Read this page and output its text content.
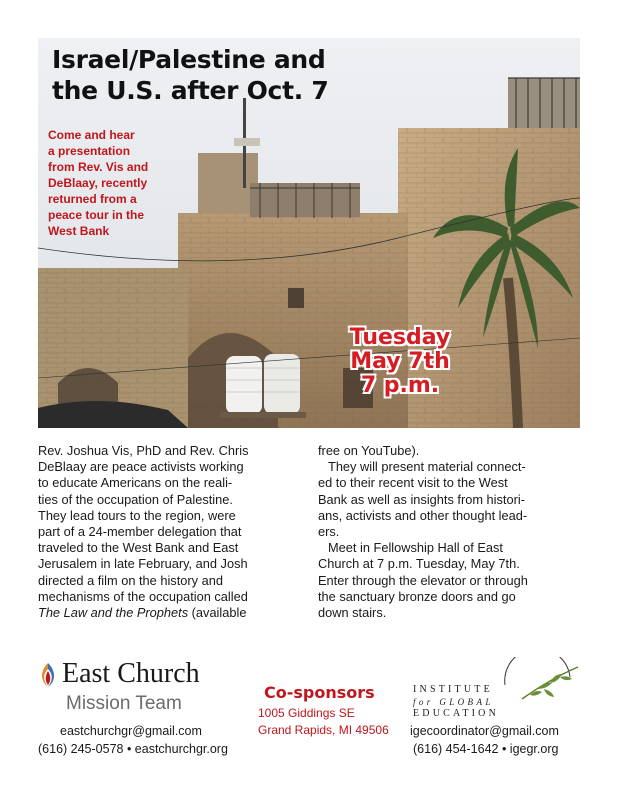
Israel/Palestine and
the U.S. after Oct. 7
Come and hear
a presentation
from Rev. Vis and
DeBlaay, recently
returned from a
peace tour in the
West Bank
Tuesday
May 7th
7 p.m.

Rev. Joshua Vis, PhD and Rev. Chris

DeBlaay are peace activists working

to educate Americans on the reali-

ties of the occupation of Palestine.

They lead tours to the region, were

part of a 24-member delegation that

traveled to the West Bank and East

Jerusalem in late February, and Josh

directed a film on the history and

mechanisms of the occupation called

The Law and the Prophets (available

free on YouTube).

They will present material connect-

ed to their recent visit to the West

Bank as well as insights from histori-

ans, activists and other thought lead-

ers.

Meet in Fellowship Hall of East

Church at 7 p.m. Tuesday, May 7th.

Enter through the elevator or through

the sanctuary bronze doors and go

down stairs.

East Church
Mission Team
eastchurchgr@gmail.com
(616) 245-0578 • eastchurchgr.org
Co-sponsors
1005 Giddings SE
Grand Rapids, MI 49506
INSTITUTE
for GLOBAL
EDUCATION
igecoordinator@gmail.com
(616) 454-1642 • igegr.org
